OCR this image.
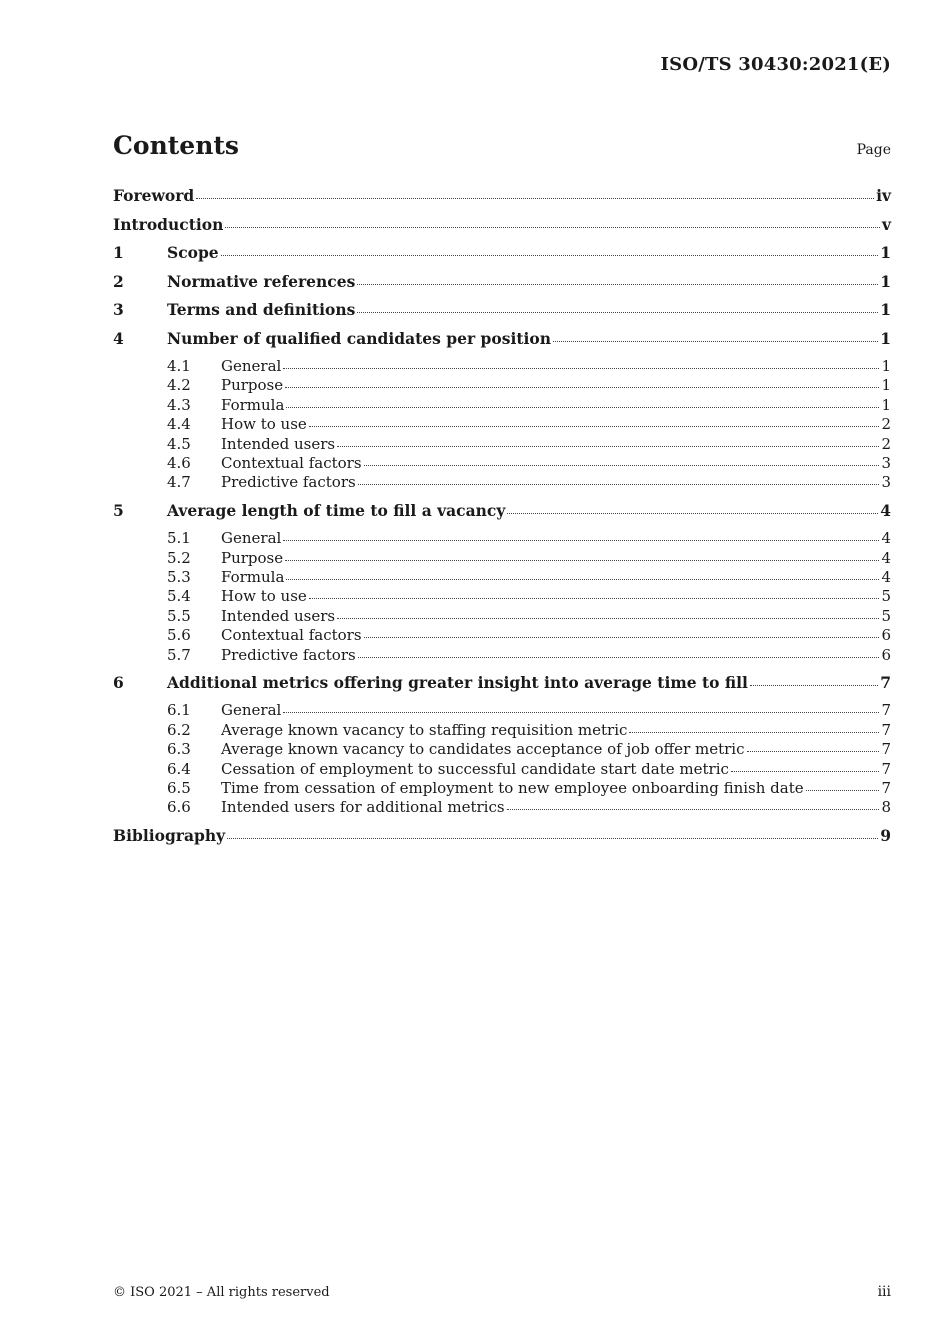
ISO/TS 30430:2021(E)
Contents	Page
Foreword	iv
Introduction	v
1	Scope	1
2	Normative references	1
3	Terms and definitions	1
4	Number of qualified candidates per position	1
4.1	General	1
4.2	Purpose	1
4.3	Formula	1
4.4	How to use	2
4.5	Intended users	2
4.6	Contextual factors	3
4.7	Predictive factors	3
5	Average length of time to fill a vacancy	4
5.1	General	4
5.2	Purpose	4
5.3	Formula	4
5.4	How to use	5
5.5	Intended users	5
5.6	Contextual factors	6
5.7	Predictive factors	6
6	Additional metrics offering greater insight into average time to fill	7
6.1	General	7
6.2	Average known vacancy to staffing requisition metric	7
6.3	Average known vacancy to candidates acceptance of job offer metric	7
6.4	Cessation of employment to successful candidate start date metric	7
6.5	Time from cessation of employment to new employee onboarding finish date	7
6.6	Intended users for additional metrics	8
Bibliography	9
© ISO 2021 – All rights reserved	iii
